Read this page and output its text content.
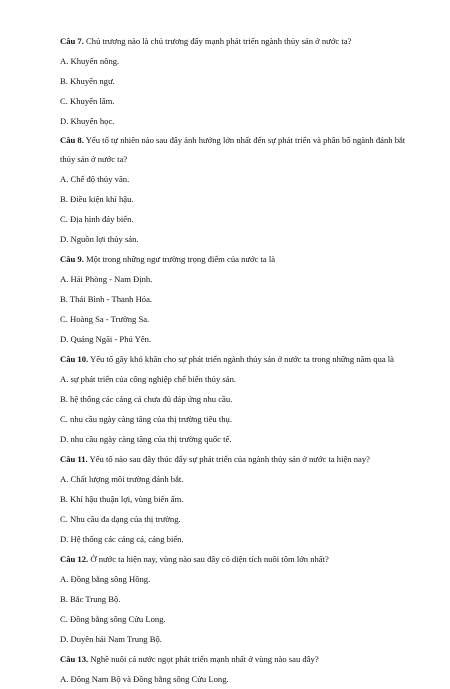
Câu 7. Chủ trương nào là chủ trương đẩy mạnh phát triển ngành thủy sản ở nước ta?
A. Khuyến nông.
B. Khuyến ngư.
C. Khuyến lâm.
D. Khuyến học.
Câu 8. Yếu tố tự nhiên nào sau đây ảnh hưởng lớn nhất đến sự phát triển và phân bố ngành đánh bắt thủy sản ở nước ta?
A. Chế độ thủy văn.
B. Điều kiện khí hậu.
C. Địa hình đáy biển.
D. Nguồn lợi thủy sản.
Câu 9. Một trong những ngư trường trọng điểm của nước ta là
A. Hải Phòng - Nam Định.
B. Thái Bình - Thanh Hóa.
C. Hoàng Sa - Trường Sa.
D. Quảng Ngãi - Phú Yên.
Câu 10. Yếu tố gây khó khăn cho sự phát triển ngành thủy sản ở nước ta trong những năm qua là
A. sự phát triển của công nghiệp chế biến thủy sản.
B. hệ thống các cảng cá chưa đủ đáp ứng nhu cầu.
C. nhu cầu ngày càng tăng của thị trường tiêu thụ.
D. nhu cầu ngày càng tăng của thị trường quốc tế.
Câu 11. Yếu tố nào sau đây thúc đẩy sự phát triển của ngành thủy sản ở nước ta hiện nay?
A. Chất lượng môi trường đánh bắt.
B. Khí hậu thuận lợi, vùng biển ấm.
C. Nhu cầu đa dạng của thị trường.
D. Hệ thống các cảng cá, cảng biển.
Câu 12. Ở nước ta hiện nay, vùng nào sau đây có diện tích nuôi tôm lớn nhất?
A. Đồng bằng sông Hồng.
B. Bắc Trung Bộ.
C. Đồng bằng sông Cửu Long.
D. Duyên hải Nam Trung Bộ.
Câu 13. Nghề nuôi cá nước ngọt phát triển mạnh nhất ở vùng nào sau đây?
A. Đông Nam Bộ và Đồng bằng sông Cửu Long.
